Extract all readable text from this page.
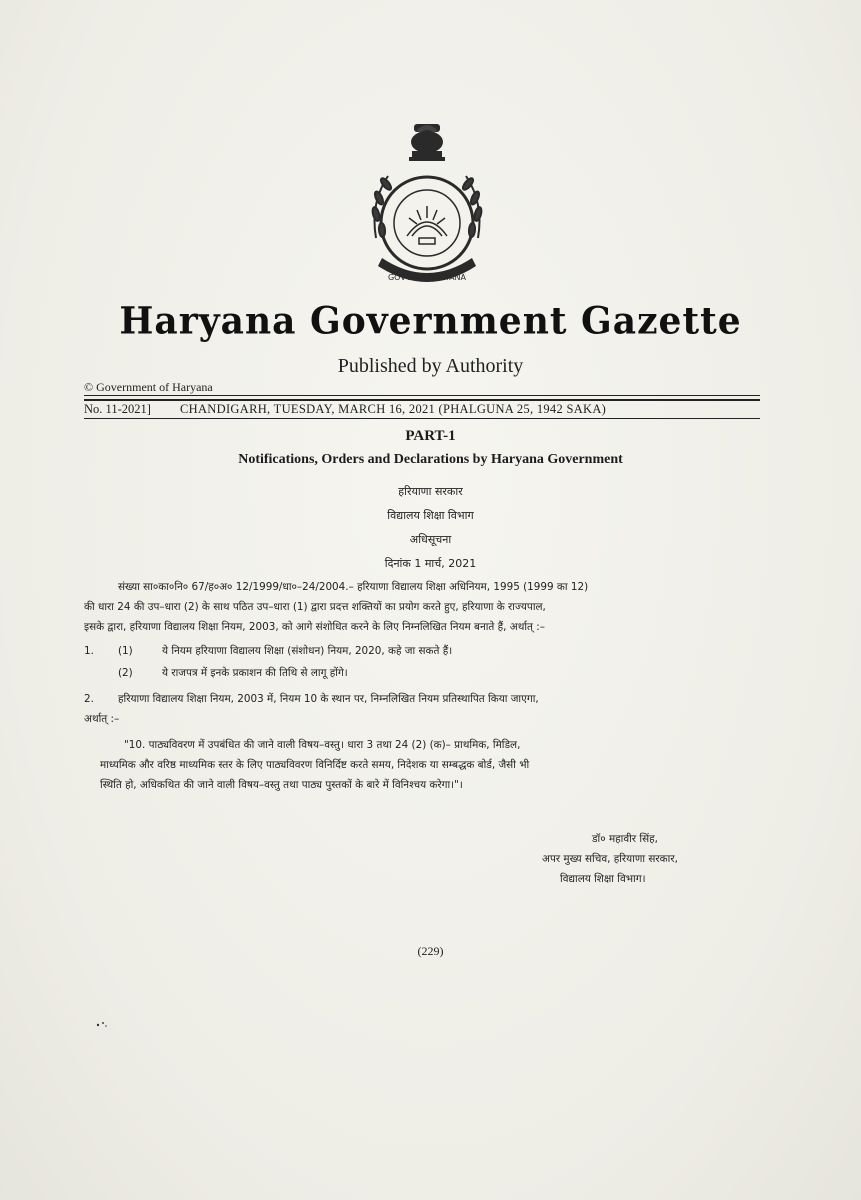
GOVT. OF HARYANA
Haryana Government Gazette
Published by Authority
© Government of Haryana
No. 11-2021] CHANDIGARH, TUESDAY, MARCH 16, 2021 (PHALGUNA 25, 1942 SAKA)
PART-1
Notifications, Orders and Declarations by Haryana Government
हरियाणा सरकार
विद्यालय शिक्षा विभाग
अधिसूचना
दिनांक 1 मार्च, 2021
संख्या सा०का०नि० 67/ह०अ० 12/1999/धा०–24/2004.– हरियाणा विद्यालय शिक्षा अधिनियम, 1995 (1999 का 12)
की धारा 24 की उप–धारा (2) के साथ पठित उप–धारा (1) द्वारा प्रदत्त शक्तियों का प्रयोग करते हुए, हरियाणा के राज्यपाल,
इसके द्वारा, हरियाणा विद्यालय शिक्षा नियम, 2003, को आगे संशोधित करने के लिए निम्नलिखित नियम बनाते हैं, अर्थात् :–
1. (1)	ये नियम हरियाणा विद्यालय शिक्षा (संशोधन) नियम, 2020, कहे जा सकते हैं।
(2)	ये राजपत्र में इनके प्रकाशन की तिथि से लागू होंगे।
2. हरियाणा विद्यालय शिक्षा नियम, 2003 में, नियम 10 के स्थान पर, निम्नलिखित नियम प्रतिस्थापित किया जाएगा,
अर्थात् :–
"10. पाठ्यविवरण में उपबंधित की जाने वाली विषय–वस्तु। धारा 3 तथा 24 (2) (क)– प्राथमिक, मिडिल,
माध्यमिक और वरिष्ठ माध्यमिक स्तर के लिए पाठ्यविवरण विनिर्दिष्ट करते समय, निदेशक या सम्बद्धक बोर्ड, जैसी भी
स्थिति हो, अधिकथित की जाने वाली विषय–वस्तु तथा पाठ्य पुस्तकों के बारे में विनिश्चय करेगा।"।
डॉ० महावीर सिंह,
अपर मुख्य सचिव, हरियाणा सरकार,
विद्यालय शिक्षा विभाग।
(229)
